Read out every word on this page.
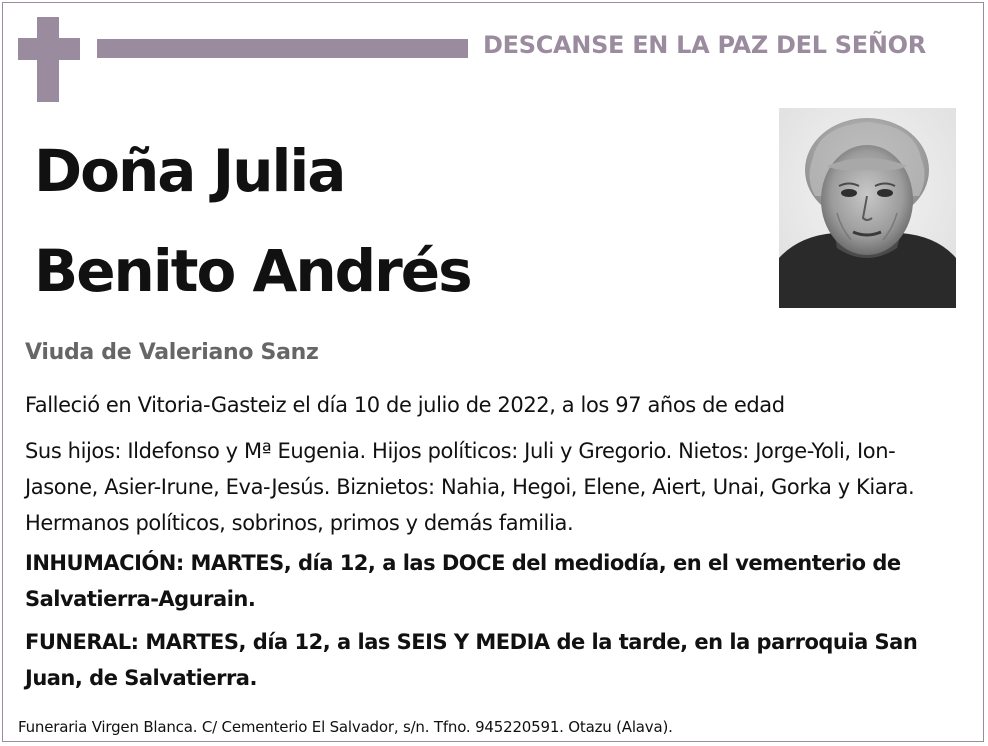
DESCANSE EN LA PAZ DEL SEÑOR
Doña Julia
Benito Andrés
Viuda de Valeriano Sanz
Falleció en Vitoria-Gasteiz el día 10 de julio de 2022, a los 97 años de edad
Sus hijos: Ildefonso y Mª Eugenia. Hijos políticos: Juli y Gregorio. Nietos: Jorge-Yoli, Ion-Jasone, Asier-Irune, Eva-Jesús. Biznietos: Nahia, Hegoi, Elene, Aiert, Unai, Gorka y Kiara. Hermanos políticos, sobrinos, primos y demás familia.
INHUMACIÓN: MARTES, día 12, a las DOCE del mediodía, en el vementerio de Salvatierra-Agurain.
FUNERAL: MARTES, día 12, a las SEIS Y MEDIA de la tarde, en la parroquia San Juan, de Salvatierra.
Funeraria Virgen Blanca. C/ Cementerio El Salvador, s/n. Tfno. 945220591. Otazu (Alava).
